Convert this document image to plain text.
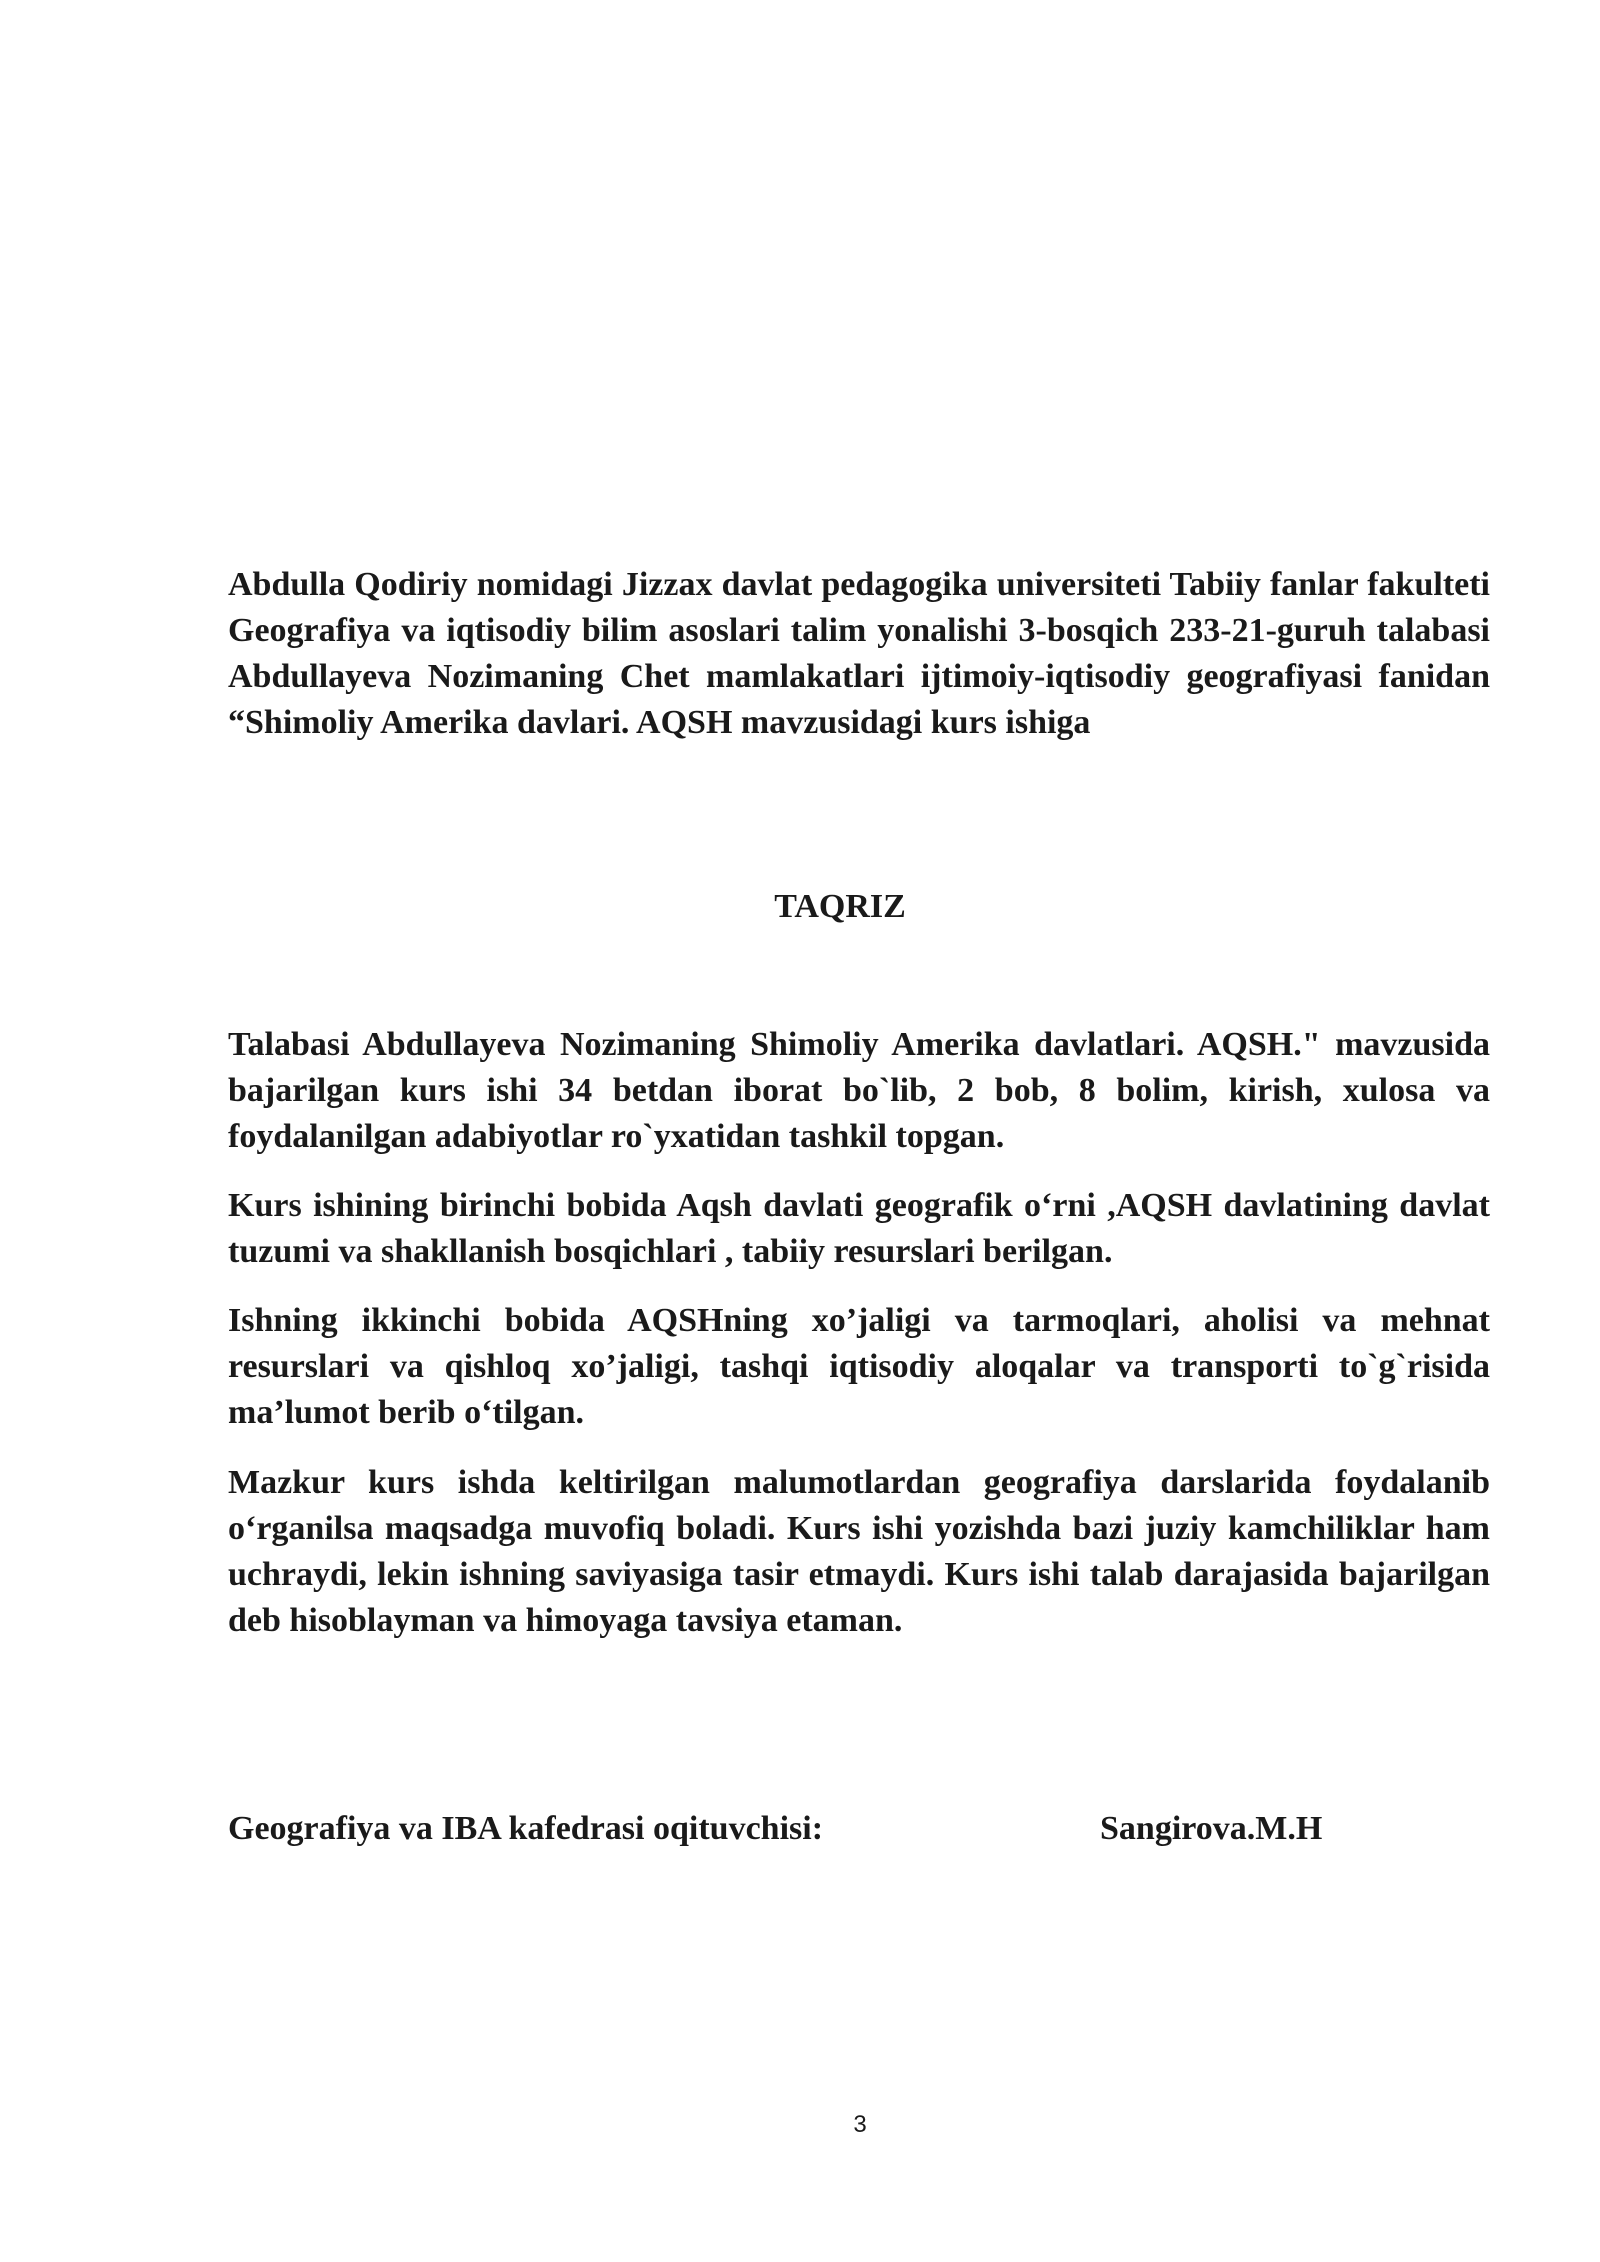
Abdulla Qodiriy nomidagi Jizzax davlat pedagogika universiteti Tabiiy fanlar fakulteti Geografiya va iqtisodiy bilim asoslari talim yonalishi 3-bosqich 233-21-guruh talabasi Abdullayeva Nozimaning Chet mamlakatlari ijtimoiy-iqtisodiy geografiyasi fanidan “Shimoliy Amerika davlari. AQSH mavzusidagi kurs ishiga

TAQRIZ

Talabasi Abdullayeva Nozimaning Shimoliy Amerika davlatlari. AQSH." mavzusida bajarilgan kurs ishi 34 betdan iborat bo`lib, 2 bob, 8 bolim, kirish, xulosa va foydalanilgan adabiyotlar ro`yxatidan tashkil topgan.

Kurs ishining birinchi bobida Aqsh davlati geografik o‘rni ,AQSH davlatining davlat tuzumi va shakllanish bosqichlari , tabiiy resurslari berilgan.

Ishning ikkinchi bobida AQSHning xo’jaligi va tarmoqlari, aholisi va mehnat resurslari va qishloq xo’jaligi, tashqi iqtisodiy aloqalar va transporti to`g`risida ma’lumot berib o‘tilgan.

Mazkur kurs ishda keltirilgan malumotlardan geografiya darslarida foydalanib o‘rganilsa maqsadga muvofiq boladi. Kurs ishi yozishda bazi juziy kamchiliklar ham uchraydi, lekin ishning saviyasiga tasir etmaydi. Kurs ishi talab darajasida bajarilgan deb hisoblayman va himoyaga tavsiya etaman.

Geografiya va IBA kafedrasi oqituvchisi:	Sangirova.M.H

3
